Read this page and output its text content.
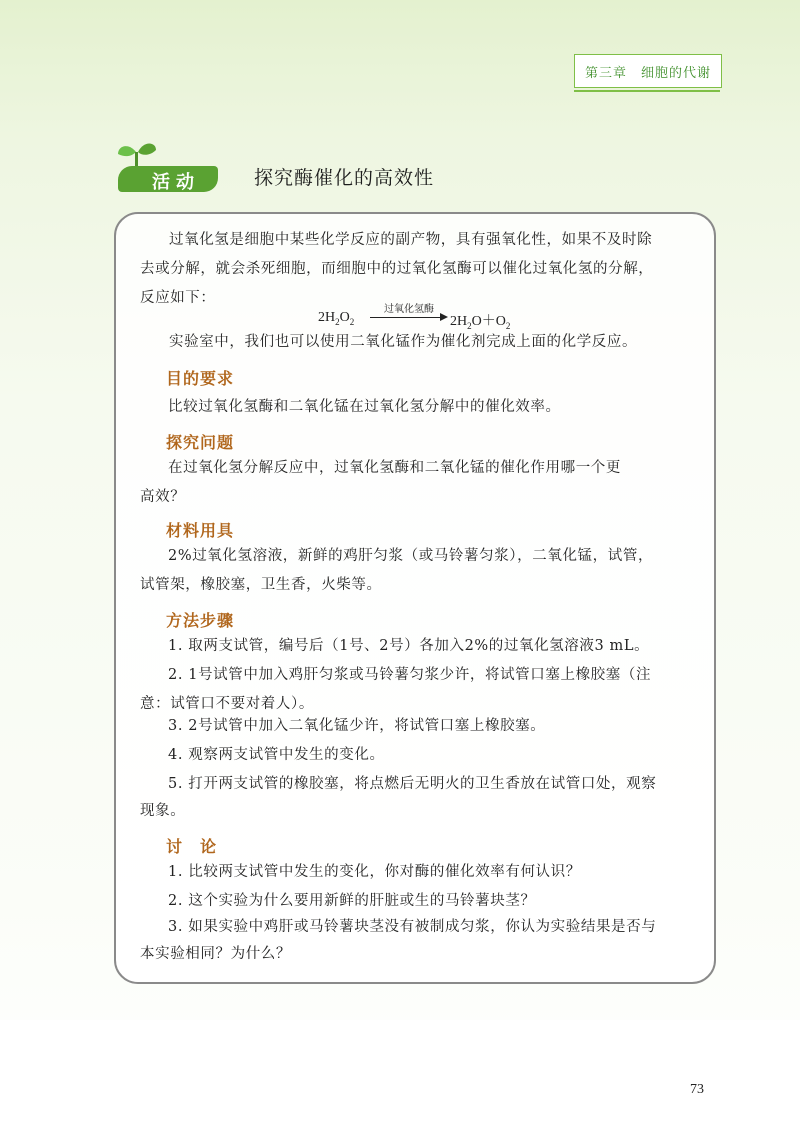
第三章　细胞的代谢
活动	探究酶催化的高效性
过氧化氢是细胞中某些化学反应的副产物，具有强氧化性，如果不及时除
去或分解，就会杀死细胞，而细胞中的过氧化氢酶可以催化过氧化氢的分解，
反应如下：
$2H_2O_2$
过氧化氢酶
$2H_2O+O_2$
实验室中，我们也可以使用二氧化锰作为催化剂完成上面的化学反应。
目的要求
比较过氧化氢酶和二氧化锰在过氧化氢分解中的催化效率。
探究问题
在过氧化氢分解反应中，过氧化氢酶和二氧化锰的催化作用哪一个更
高效？
材料用具
2%过氧化氢溶液，新鲜的鸡肝匀浆（或马铃薯匀浆），二氧化锰，试管，
试管架，橡胶塞，卫生香，火柴等。
方法步骤
1. 取两支试管，编号后（1号、2号）各加入2%的过氧化氢溶液3 mL。
2. 1号试管中加入鸡肝匀浆或马铃薯匀浆少许，将试管口塞上橡胶塞（注
意：试管口不要对着人）。
3. 2号试管中加入二氧化锰少许，将试管口塞上橡胶塞。
4. 观察两支试管中发生的变化。
5. 打开两支试管的橡胶塞，将点燃后无明火的卫生香放在试管口处，观察
现象。
讨　论
1. 比较两支试管中发生的变化，你对酶的催化效率有何认识？
2. 这个实验为什么要用新鲜的肝脏或生的马铃薯块茎？
3. 如果实验中鸡肝或马铃薯块茎没有被制成匀浆，你认为实验结果是否与
本实验相同？为什么？
73
